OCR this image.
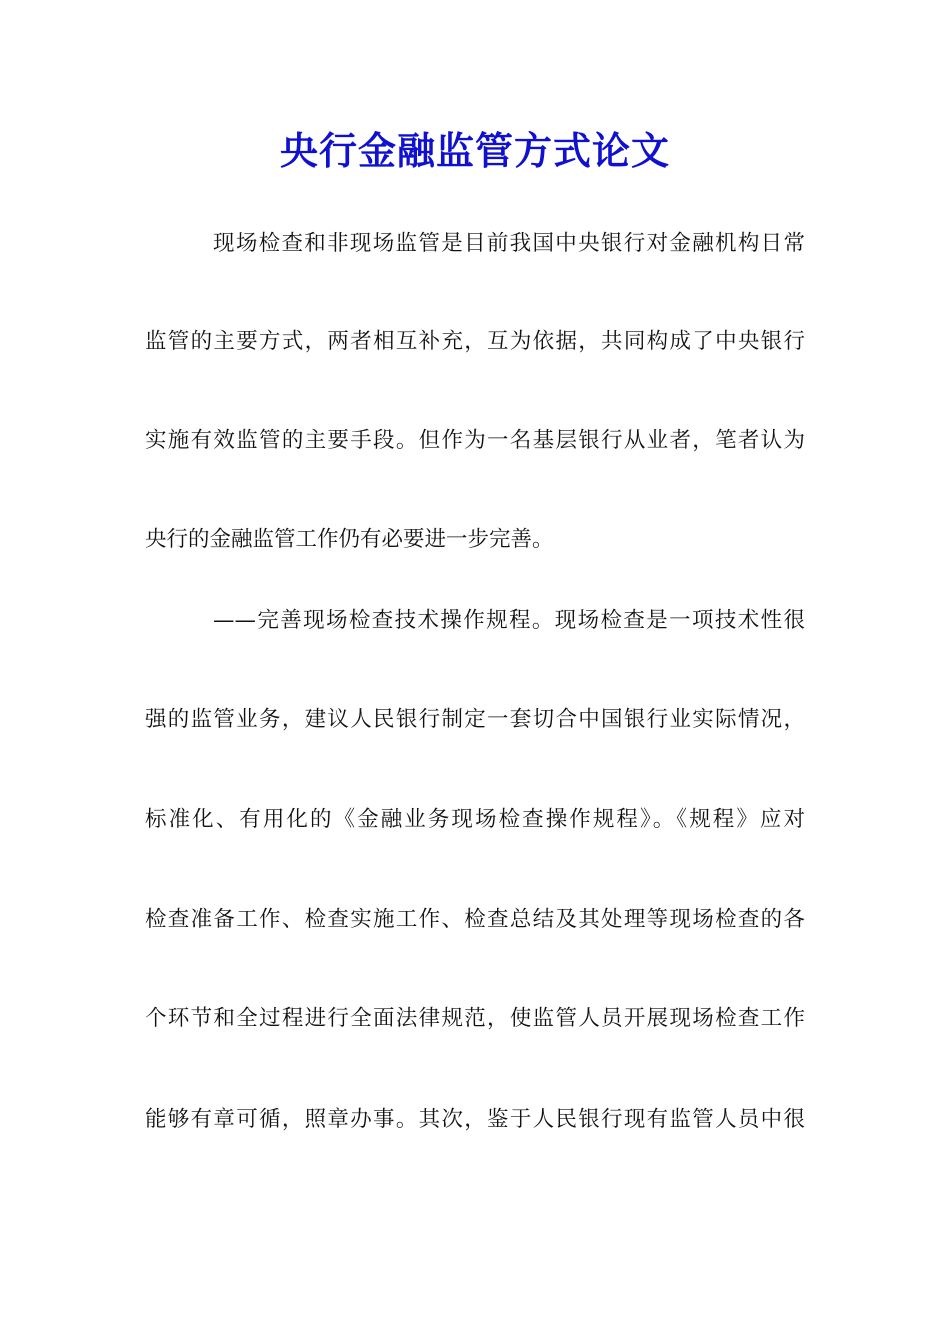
央行金融监管方式论文
现场检查和非现场监管是目前我国中央银行对金融机构日常
监管的主要方式，两者相互补充，互为依据，共同构成了中央银行
实施有效监管的主要手段。但作为一名基层银行从业者，笔者认为
央行的金融监管工作仍有必要进一步完善。
——完善现场检查技术操作规程。现场检查是一项技术性很
强的监管业务，建议人民银行制定一套切合中国银行业实际情况，
标准化、有用化的《金融业务现场检查操作规程》。《规程》应对
检查准备工作、检查实施工作、检查总结及其处理等现场检查的各
个环节和全过程进行全面法律规范，使监管人员开展现场检查工作
能够有章可循，照章办事。其次，鉴于人民银行现有监管人员中很
